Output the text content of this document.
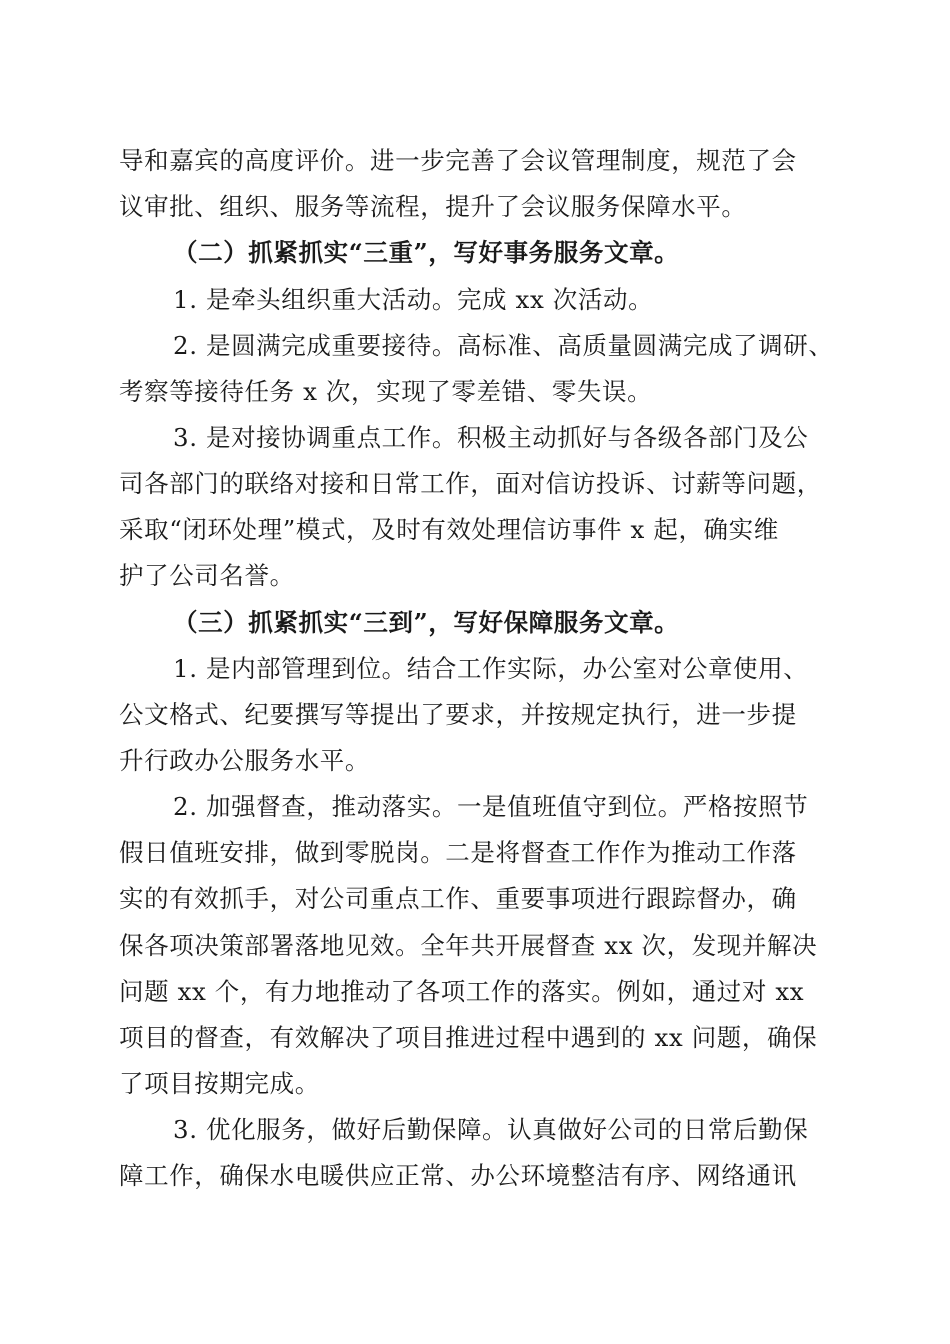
导和嘉宾的高度评价。进一步完善了会议管理制度，规范了会
议审批、组织、服务等流程，提升了会议服务保障水平。
（二）抓紧抓实“三重”，写好事务服务文章。
1. 是牵头组织重大活动。完成 xx 次活动。
2. 是圆满完成重要接待。高标准、高质量圆满完成了调研、
考察等接待任务 x 次，实现了零差错、零失误。
3. 是对接协调重点工作。积极主动抓好与各级各部门及公
司各部门的联络对接和日常工作，面对信访投诉、讨薪等问题，
采取“闭环处理”模式，及时有效处理信访事件 x 起，确实维
护了公司名誉。
（三）抓紧抓实“三到”，写好保障服务文章。
1. 是内部管理到位。结合工作实际，办公室对公章使用、
公文格式、纪要撰写等提出了要求，并按规定执行，进一步提
升行政办公服务水平。
2. 加强督查，推动落实。一是值班值守到位。严格按照节
假日值班安排，做到零脱岗。二是将督查工作作为推动工作落
实的有效抓手，对公司重点工作、重要事项进行跟踪督办，确
保各项决策部署落地见效。全年共开展督查 xx 次，发现并解决
问题 xx 个，有力地推动了各项工作的落实。例如，通过对 xx
项目的督查，有效解决了项目推进过程中遇到的 xx 问题，确保
了项目按期完成。
3. 优化服务，做好后勤保障。认真做好公司的日常后勤保
障工作，确保水电暖供应正常、办公环境整洁有序、网络通讯
